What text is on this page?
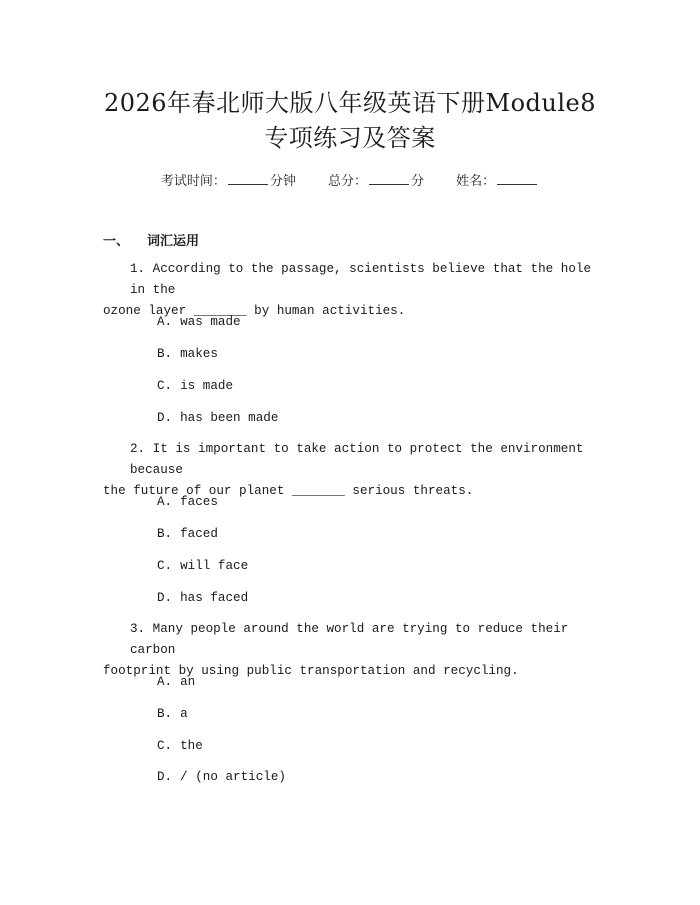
2026年春北师大版八年级英语下册Module8
专项练习及答案
考试时间：	分钟 总分：	分 姓名：
一、 词汇运用
1. According to the passage, scientists believe that the hole in the
ozone layer _______ by human activities.
A. was made
B. makes
C. is made
D. has been made
2. It is important to take action to protect the environment because
the future of our planet _______ serious threats.
A. faces
B. faced
C. will face
D. has faced
3. Many people around the world are trying to reduce their carbon
footprint by using public transportation and recycling.
A. an
B. a
C. the
D. / (no article)
